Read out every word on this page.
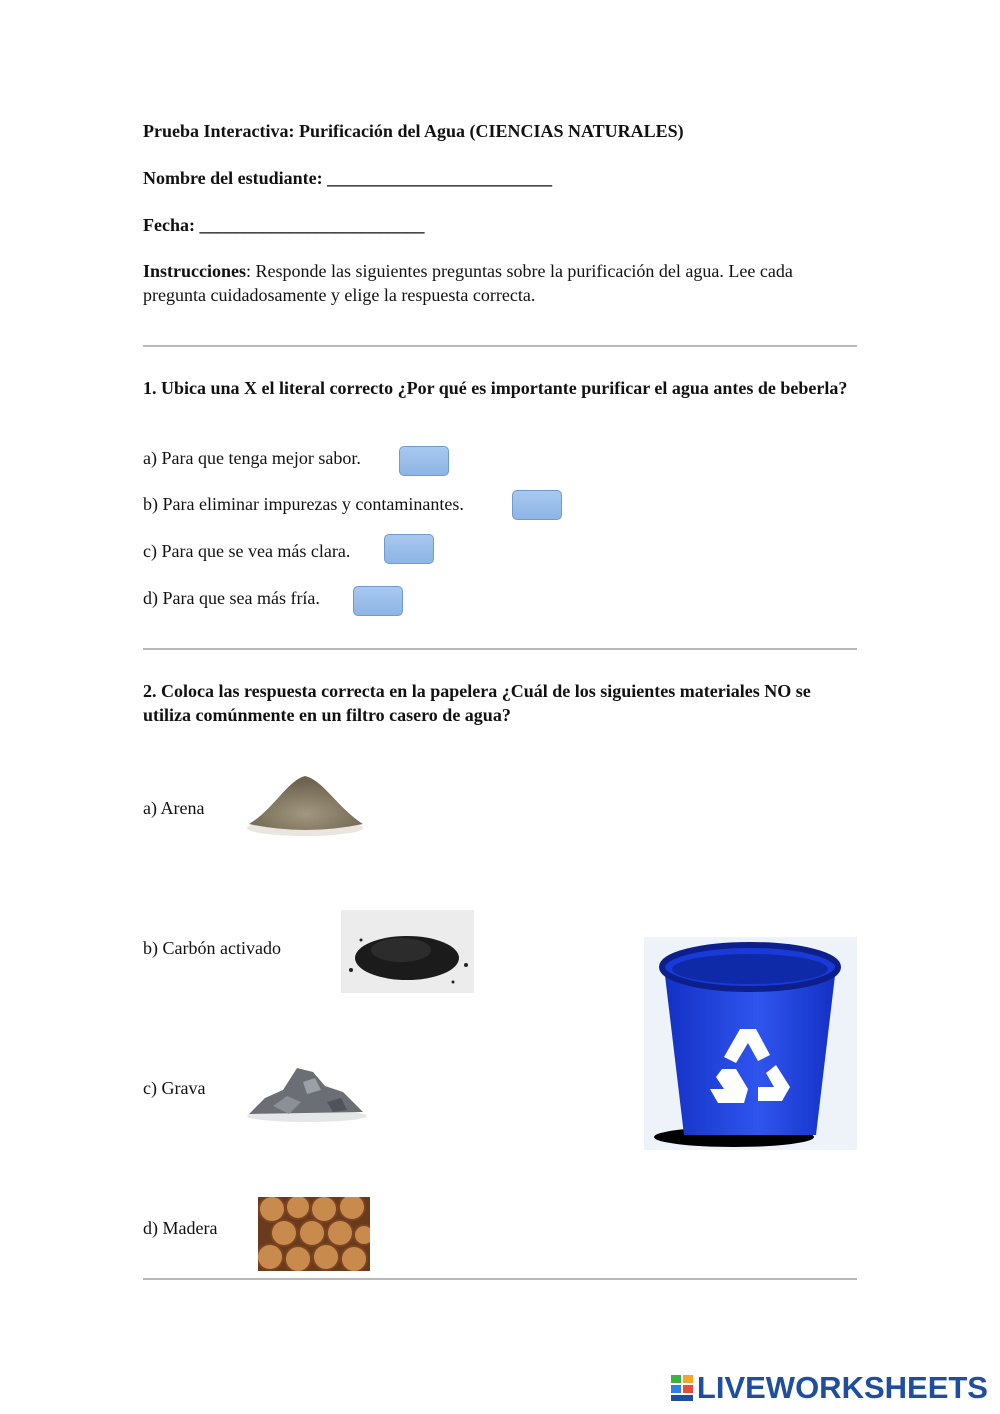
Prueba Interactiva: Purificación del Agua (CIENCIAS NATURALES)
Nombre del estudiante: _________________________
Fecha: _________________________
Instrucciones: Responde las siguientes preguntas sobre la purificación del agua. Lee cada pregunta cuidadosamente y elige la respuesta correcta.
1. Ubica una X el literal correcto ¿Por qué es importante purificar el agua antes de beberla?
a) Para que tenga mejor sabor.
b) Para eliminar impurezas y contaminantes.
c) Para que se vea más clara.
d) Para que sea más fría.
2. Coloca las respuesta correcta en la papelera ¿Cuál de los siguientes materiales NO se utiliza comúnmente en un filtro casero de agua?
a) Arena
b) Carbón activado
c) Grava
d) Madera
LIVEWORKSHEETS
